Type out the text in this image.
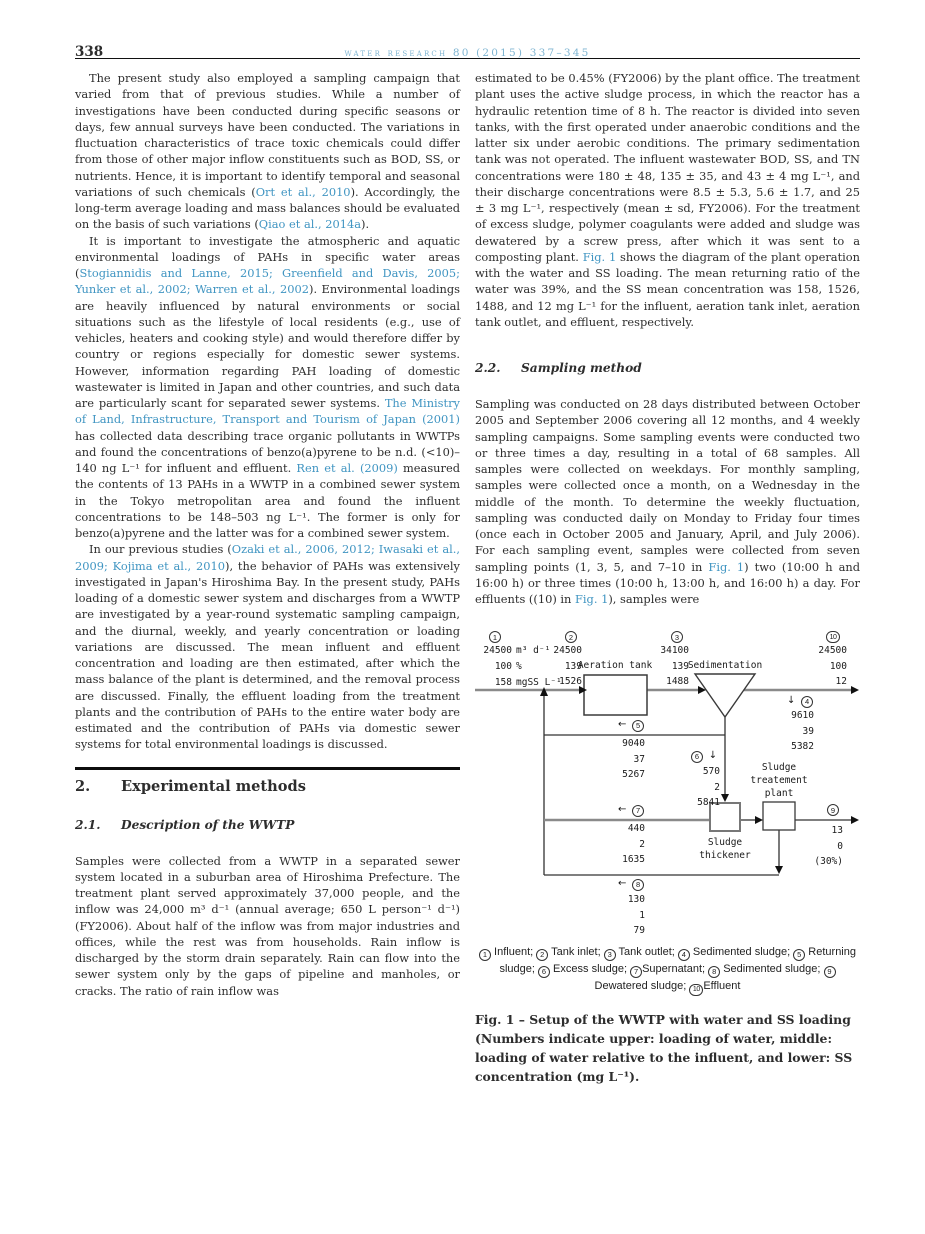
338	water research 80 (2015) 337–345

The present study also employed a sampling campaign that varied from that of previous studies. While a number of investigations have been conducted during specific seasons or days, few annual surveys have been conducted. The variations in fluctuation characteristics of trace toxic chemicals could differ from those of other major inflow constituents such as BOD, SS, or nutrients. Hence, it is important to identify temporal and seasonal variations of such chemicals (Ort et al., 2010). Accordingly, the long-term average loading and mass balances should be evaluated on the basis of such variations (Qiao et al., 2014a).

It is important to investigate the atmospheric and aquatic environmental loadings of PAHs in specific water areas (Stogiannidis and Lanne, 2015; Greenfield and Davis, 2005; Yunker et al., 2002; Warren et al., 2002). Environmental loadings are heavily influenced by natural environments or social situations such as the lifestyle of local residents (e.g., use of vehicles, heaters and cooking style) and would therefore differ by country or regions especially for domestic sewer systems. However, information regarding PAH loading of domestic wastewater is limited in Japan and other countries, and such data are particularly scant for separated sewer systems. The Ministry of Land, Infrastructure, Transport and Tourism of Japan (2001) has collected data describing trace organic pollutants in WWTPs and found the concentrations of benzo(a)pyrene to be n.d. (<10)–140 ng L⁻¹ for influent and effluent. Ren et al. (2009) measured the contents of 13 PAHs in a WWTP in a combined sewer system in the Tokyo metropolitan area and found the influent concentrations to be 148–503 ng L⁻¹. The former is only for benzo(a)pyrene and the latter was for a combined sewer system.

In our previous studies (Ozaki et al., 2006, 2012; Iwasaki et al., 2009; Kojima et al., 2010), the behavior of PAHs was extensively investigated in Japan's Hiroshima Bay. In the present study, PAHs loading of a domestic sewer system and discharges from a WWTP are investigated by a year-round systematic sampling campaign, and the diurnal, weekly, and yearly concentration or loading variations are discussed. The mean influent and effluent concentration and loading are then estimated, after which the mass balance of the plant is determined, and the removal process are discussed. Finally, the effluent loading from the treatment plants and the contribution of PAHs to the entire water body are estimated and the contribution of PAHs via domestic sewer systems for total environmental loadings is discussed.

2.	Experimental methods
2.1.	Description of the WWTP

Samples were collected from a WWTP in a separated sewer system located in a suburban area of Hiroshima Prefecture. The treatment plant served approximately 37,000 people, and the inflow was 24,000 m³ d⁻¹ (annual average; 650 L person⁻¹ d⁻¹) (FY2006). About half of the inflow was from major industries and offices, while the rest was from households. Rain inflow is discharged by the storm drain separately. Rain can flow into the sewer system only by the gaps of pipeline and manholes, or cracks. The ratio of rain inflow was

estimated to be 0.45% (FY2006) by the plant office. The treatment plant uses the active sludge process, in which the reactor has a hydraulic retention time of 8 h. The reactor is divided into seven tanks, with the first operated under anaerobic conditions and the latter six under aerobic conditions. The primary sedimentation tank was not operated. The influent wastewater BOD, SS, and TN concentrations were 180 ± 48, 135 ± 35, and 43 ± 4 mg L⁻¹, and their discharge concentrations were 8.5 ± 5.3, 5.6 ± 1.7, and 25 ± 3 mg L⁻¹, respectively (mean ± sd, FY2006). For the treatment of excess sludge, polymer coagulants were added and sludge was dewatered by a screw press, after which it was sent to a composting plant. Fig. 1 shows the diagram of the plant operation with the water and SS loading. The mean returning ratio of the water was 39%, and the SS mean concentration was 158, 1526, 1488, and 12 mg L⁻¹ for the influent, aeration tank inlet, aeration tank outlet, and effluent, respectively.

2.2.	Sampling method

Sampling was conducted on 28 days distributed between October 2005 and September 2006 covering all 12 months, and 4 weekly sampling campaigns. Some sampling events were conducted two or three times a day, resulting in a total of 68 samples. All samples were collected on weekdays. For monthly sampling, samples were collected once a month, on a Wednesday in the middle of the month. To determine the weekly fluctuation, sampling was conducted daily on Monday to Friday four times (once each in October 2005 and January, April, and July 2006). For each sampling event, samples were collected from seven sampling points (1, 3, 5, and 7–10 in Fig. 1) two (10:00 h and 16:00 h) or three times (10:00 h, 13:00 h, and 16:00 h) a day. For effluents ((10) in Fig. 1), samples were

1
24500 m³ d⁻¹
100 %
158 mgSS L⁻¹
2
24500
139
1526
3
34100
139
1488
10
24500
100
12
↓ 4
9610
39
5382
← 5
9040
37
5267
6 ↓
570
2
5841
← 7
440
2
1635
← 8
130
1
79
9
13
0
(30%)
Aeration tank	Sedimentation
Sludge
thickener
Sludge
treatement
plant
1 Influent; 2 Tank inlet; 3 Tank outlet; 4 Sedimented sludge; 5 Returning
sludge; 6 Excess sludge; 7 Supernatant; 8 Sedimented sludge; 9
Dewatered sludge; 10 Effluent
Fig. 1 – Setup of the WWTP with water and SS loading (Numbers indicate upper: loading of water, middle: loading of water relative to the influent, and lower: SS concentration (mg L⁻¹).
